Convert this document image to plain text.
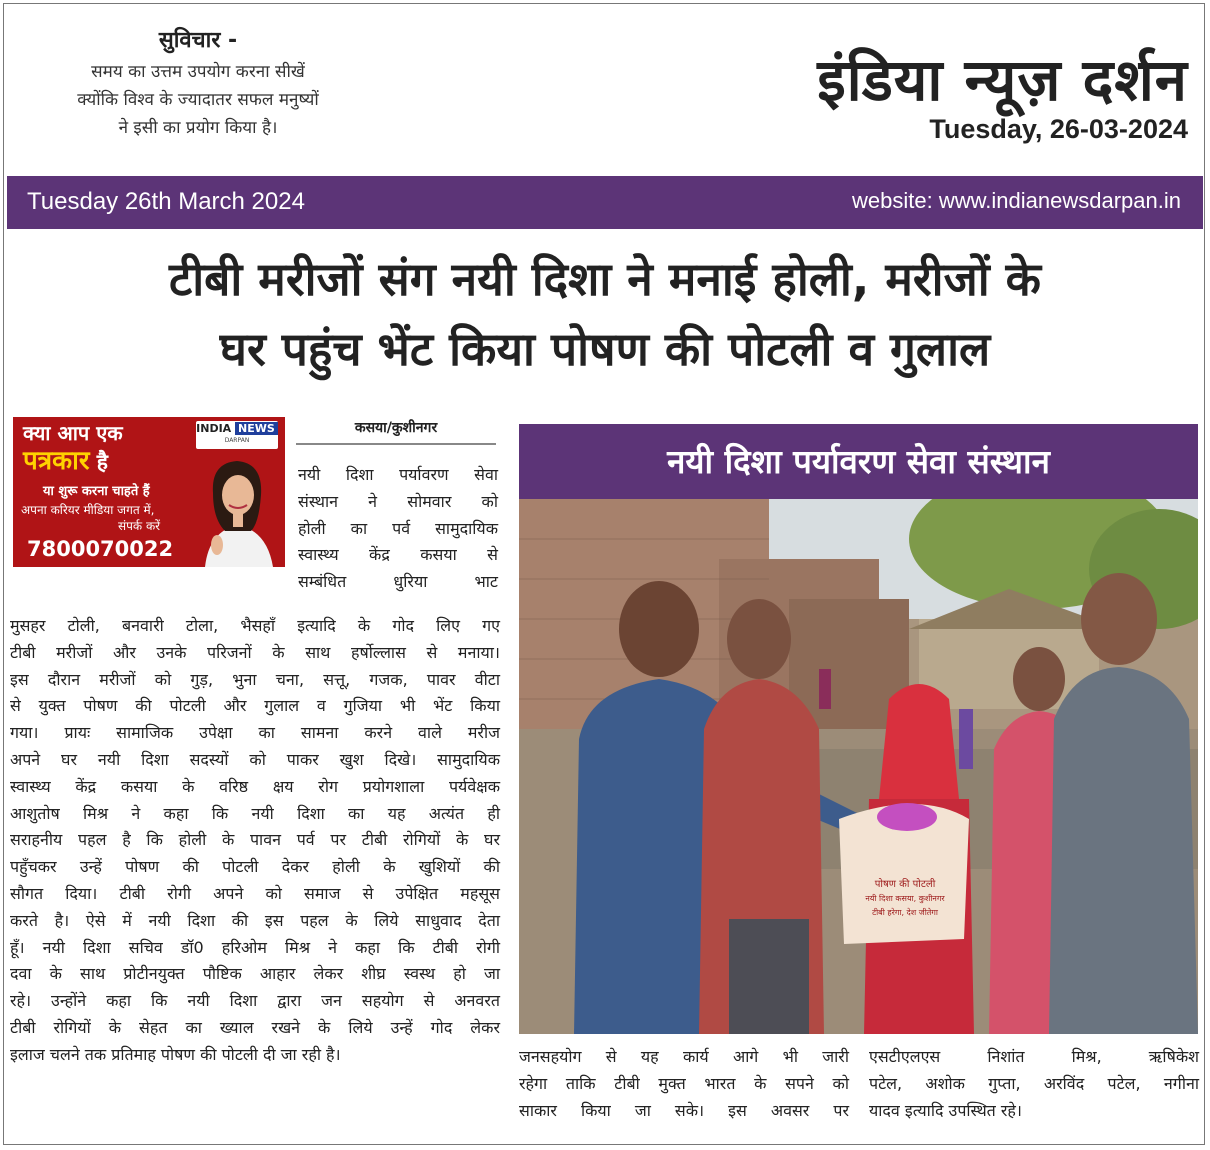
सुविचार -
समय का उत्तम उपयोग करना सीखें
क्योंकि विश्व के ज्यादातर सफल मनुष्यों
ने इसी का प्रयोग किया है।
इंडिया न्यूज़ दर्शन
Tuesday, 26-03-2024
Tuesday 26th March 2024	website: www.indianewsdarpan.in
टीबी मरीजों संग नयी दिशा ने मनाई होली, मरीजों के
घर पहुंच भेंट किया पोषण की पोटली व गुलाल
क्या आप एक
पत्रकार है
या शुरू करना चाहते हैं
अपना करियर मीडिया जगत में,
संपर्क करें
7800070022
INDIA NEWS
DARPAN
कसया/कुशीनगर
नयी दिशा पर्यावरण सेवा
संस्थान ने सोमवार को
होली का पर्व सामुदायिक
स्वास्थ्य केंद्र कसया से
सम्बंधित धुरिया भाट
मुसहर टोली, बनवारी टोला, भैसहाँ इत्यादि के गोद लिए गए
टीबी मरीजों और उनके परिजनों के साथ हर्षोल्लास से मनाया।
इस दौरान मरीजों को गुड़, भुना चना, सत्तू, गजक, पावर वीटा
से युक्त पोषण की पोटली और गुलाल व गुजिया भी भेंट किया
गया। प्रायः सामाजिक उपेक्षा का सामना करने वाले मरीज
अपने घर नयी दिशा सदस्यों को पाकर खुश दिखे। सामुदायिक
स्वास्थ्य केंद्र कसया के वरिष्ठ क्षय रोग प्रयोगशाला पर्यवेक्षक
आशुतोष मिश्र ने कहा कि नयी दिशा का यह अत्यंत ही
सराहनीय पहल है कि होली के पावन पर्व पर टीबी रोगियों के घर
पहुँचकर उन्हें पोषण की पोटली देकर होली के खुशियों की
सौगत दिया। टीबी रोगी अपने को समाज से उपेक्षित महसूस
करते है। ऐसे में नयी दिशा की इस पहल के लिये साधुवाद देता
हूँ। नयी दिशा सचिव डॉ0 हरिओम मिश्र ने कहा कि टीबी रोगी
दवा के साथ प्रोटीनयुक्त पौष्टिक आहार लेकर शीघ्र स्वस्थ हो जा
रहे। उन्होंने कहा कि नयी दिशा द्वारा जन सहयोग से अनवरत
टीबी रोगियों के सेहत का ख्याल रखने के लिये उन्हें गोद लेकर
इलाज चलने तक प्रतिमाह पोषण की पोटली दी जा रही है।
नयी दिशा पर्यावरण सेवा संस्थान
पोषण की पोटली
नयी दिशा कसया, कुशीनगर
टीबी हरेगा, देश जीतेगा
जनसहयोग से यह कार्य आगे भी जारी
रहेगा ताकि टीबी मुक्त भारत के सपने को
साकार किया जा सके। इस अवसर पर
एसटीएलएस निशांत मिश्र, ऋषिकेश
पटेल, अशोक गुप्ता, अरविंद पटेल, नगीना
यादव इत्यादि उपस्थित रहे।
